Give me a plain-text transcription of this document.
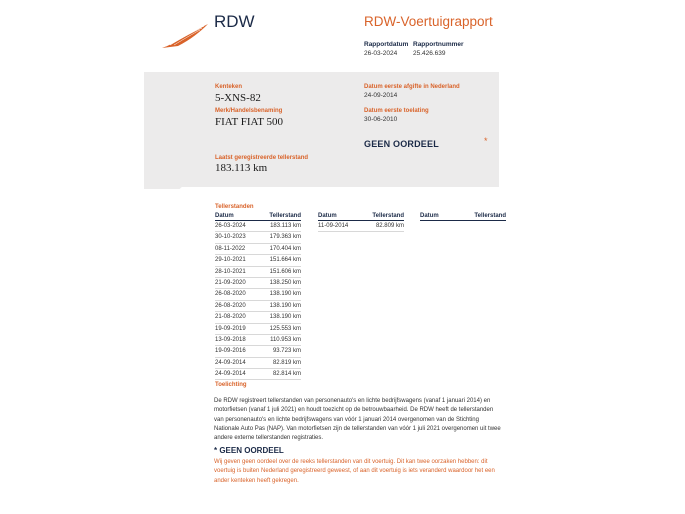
RDW	RDW-Voertuigrapport
Rapportdatum
26-03-2024
Rapportnummer
25.426.639
Kenteken
5-XNS-82
Merk/Handelsbenaming
FIAT FIAT 500
Laatst geregistreerde tellerstand
183.113 km
Datum eerste afgifte in Nederland
24-09-2014
Datum eerste toelating
30-06-2010
GEEN OORDEEL	*
Tellerstanden
Datum	Tellerstand
26-03-2024	183.113 km
30-10-2023	179.363 km
08-11-2022	170.404 km
29-10-2021	151.664 km
28-10-2021	151.606 km
21-09-2020	138.250 km
26-08-2020	138.190 km
26-08-2020	138.190 km
21-08-2020	138.190 km
19-09-2019	125.553 km
13-09-2018	110.953 km
19-09-2016	93.723 km
24-09-2014	82.819 km
24-09-2014	82.814 km
Datum	Tellerstand
11-09-2014	82.809 km
Datum	Tellerstand
Toelichting
De RDW registreert tellerstanden van personenauto's en lichte bedrijfswagens (vanaf 1 januari 2014) en motorfietsen (vanaf 1 juli 2021) en houdt toezicht op de betrouwbaarheid. De RDW heeft de tellerstanden van personenauto's en lichte bedrijfswagens van vóór 1 januari 2014 overgenomen van de Stichting Nationale Auto Pas (NAP). Van motorfietsen zijn de tellerstanden van vóór 1 juli 2021 overgenomen uit twee andere externe tellerstanden registraties.
* GEEN OORDEEL
Wij geven geen oordeel over de reeks tellerstanden van dit voertuig. Dit kan twee oorzaken hebben: dit voertuig is buiten Nederland geregistreerd geweest, of aan dit voertuig is iets veranderd waardoor het een ander kenteken heeft gekregen.
